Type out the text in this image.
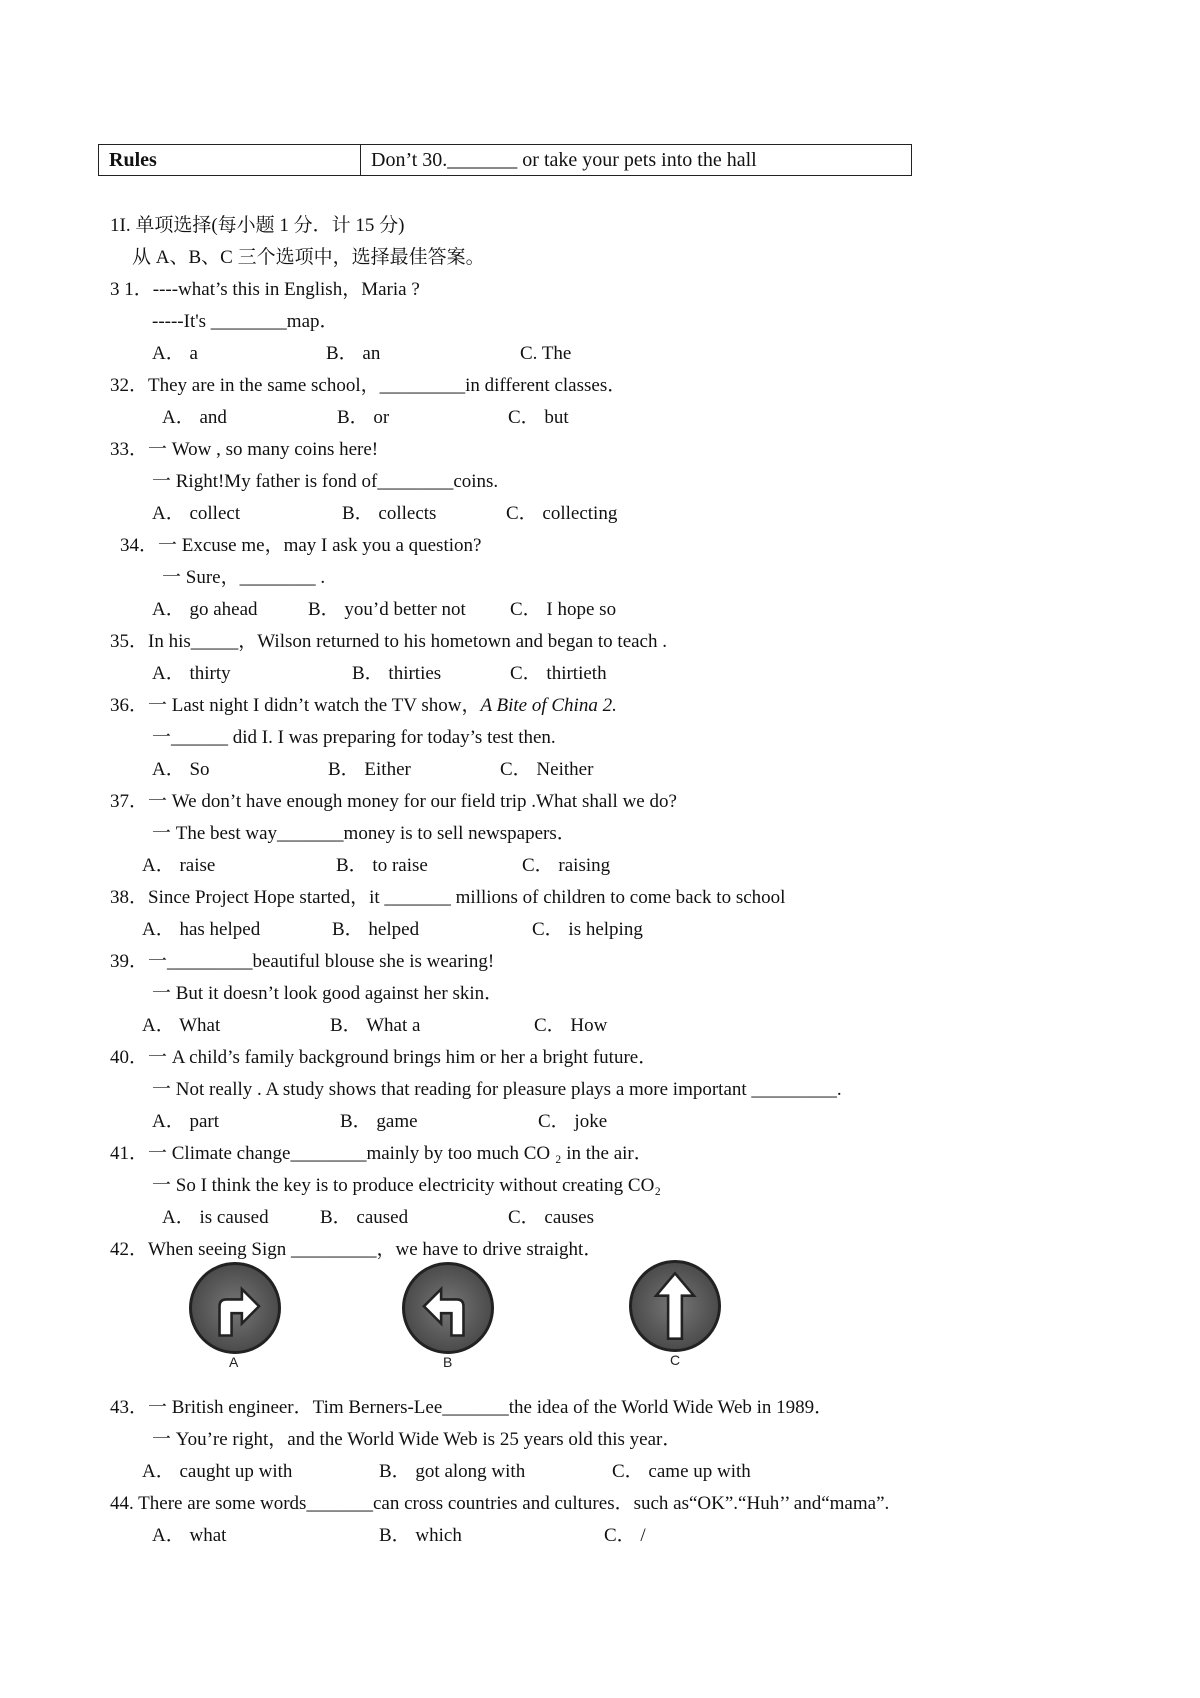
Rules	Don’t 30._______ or take your pets into the hall
1I. 单项选择(每小题 1 分．计 15 分)
从 A、B、C 三个选项中，选择最佳答案。
3 1．----what’s this in English，Maria ?
-----It's ________map．
A． a	B． an	C. The
32．They are in the same school，_________in different classes．
A． and	B． or	C． but
33．一 Wow , so many coins here!
一 Right!My father is fond of________coins.
A． collect	B． collects	C． collecting
34．一 Excuse me，may I ask you a question?
一 Sure，________ .
A． go ahead	B． you’d better not C． I hope so
35．In his_____，Wilson returned to his hometown and began to teach .
A． thirty	B． thirties	C． thirtieth
36．一 Last night I didn’t watch the TV show，A Bite of China 2.
一______ did I. I was preparing for today’s test then.
A． So	B． Either	C． Neither
37．一 We don’t have enough money for our field trip .What shall we do?
一 The best way_______money is to sell newspapers．
A． raise	B． to raise	C． raising
38．Since Project Hope started，it _______ millions of children to come back to school
A． has helped	B． helped	C． is helping
39．一_________beautiful blouse she is wearing!
一 But it doesn’t look good against her skin．
A． What	B． What a	C． How
40．一 A child’s family background brings him or her a bright future．
一 Not really . A study shows that reading for pleasure plays a more important _________.
A． part	B． game	C． joke
41．一 Climate change________mainly by too much CO ₂ in the air．
一 So I think the key is to produce electricity without creating CO₂
A． is caused	B． caused	C． causes
42．When seeing Sign _________，we have to drive straight．
A	B	C
43．一 British engineer．Tim Berners-Lee_______the idea of the World Wide Web in 1989．
一 You’re right，and the World Wide Web is 25 years old this year．
A． caught up with	B． got along with	C． came up with
44. There are some words_______can cross countries and cultures．such as“OK”.“Huh’’ and“mama”.
A． what	B． which	C． /
